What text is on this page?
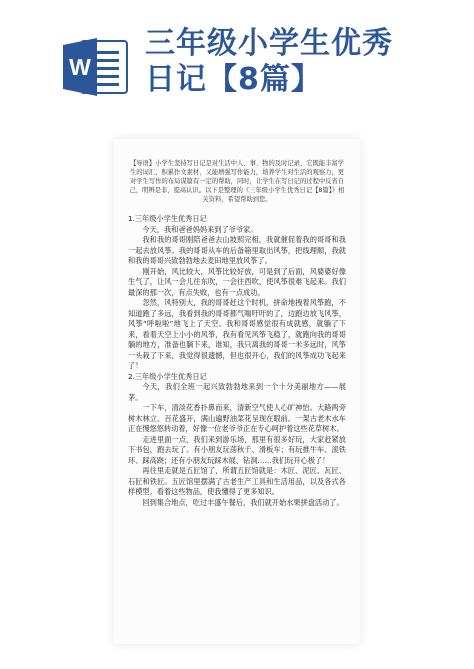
W
三年级小学生优秀
日记【8篇】
【导语】小学生坚持写日记是对生活中人、事、物的及时记录，它既能丰富学生的词汇，积累作文素材，又能增强写作能力，培养学生对生活的观察力，更对学生写作的布局谋篇有一定的帮助，同时，让学生在写日记的过程中反省自己，明辨是非，提高认识。以下是整理的《三年级小学生优秀日记【8篇】》相关资料，希望帮助到您。

1.三年级小学生优秀日记

今天，我和爸爸妈妈来到了爷爷家。

我和我的哥哥刚陪爸爸去山坡照完相，我就催促着我的哥哥和我一起去放风筝。我的哥哥从车的后备箱里取出风筝，把线理顺，我就和我的哥哥兴致勃勃地去麦田地里放风筝了。

刚开始，风比较大，风筝比较好放，可是到了后面，风婆婆好像生气了，让风一会儿往东吹，一会往西吹，使风筝很难飞起来。我们最深的那一次，有点失败，也有一点成功。

忽然，风特别大，我的哥哥赶这个时机，拼命地拽着风筝跑，不知道跑了多远，我看到我的哥哥都气喘吁吁的了，边跑边放飞风筝，风筝“呼啦啦”地飞上了天空。我和哥哥感觉很有成就感，就躺了下来，看着天空上小小的风筝，我有看见风筝飞稳了，就跑向我的哥哥躺的地方，准备也躺下来，谁知，我只离我的哥哥一米多远时，风筝一头栽了下来，我觉得很遗憾，但也很开心，我们的风筝成功飞起来了！

2.三年级小学生优秀日记

今天，我们全班一起兴致勃勃地来到一个十分美丽地方——展茅。

一下车，清淡花香扑鼻而来，清新空气使人心旷神怡。大路两旁树木林立、百花盛开，满山遍野油菜花呈现在眼前。一架古老木水车正在慢悠悠转动着，好像一位老爷爷正在专心呵护着这些花草树木。

走进里面一点，我们来到游乐场，那里有很多好玩，大家赶紧放下书包，跑去玩了。有小朋友玩荡秋千、滑板车；有玩推牛车、滚铁环、踩高跷；还有小朋友玩踩木屐、钻洞……我们玩开心极了！

再往里走就是五匠馆了，所谓五匠馆就是：木匠、泥匠、瓦匠、石匠和铁匠。五匠馆里摆满了古老生产工具和生活用品，以及各式各样模型。看着这些物品，使我懂得了更多知识。

回到集合地点，吃过丰盛午餐后，我们就开始水果拼盘活动了。
